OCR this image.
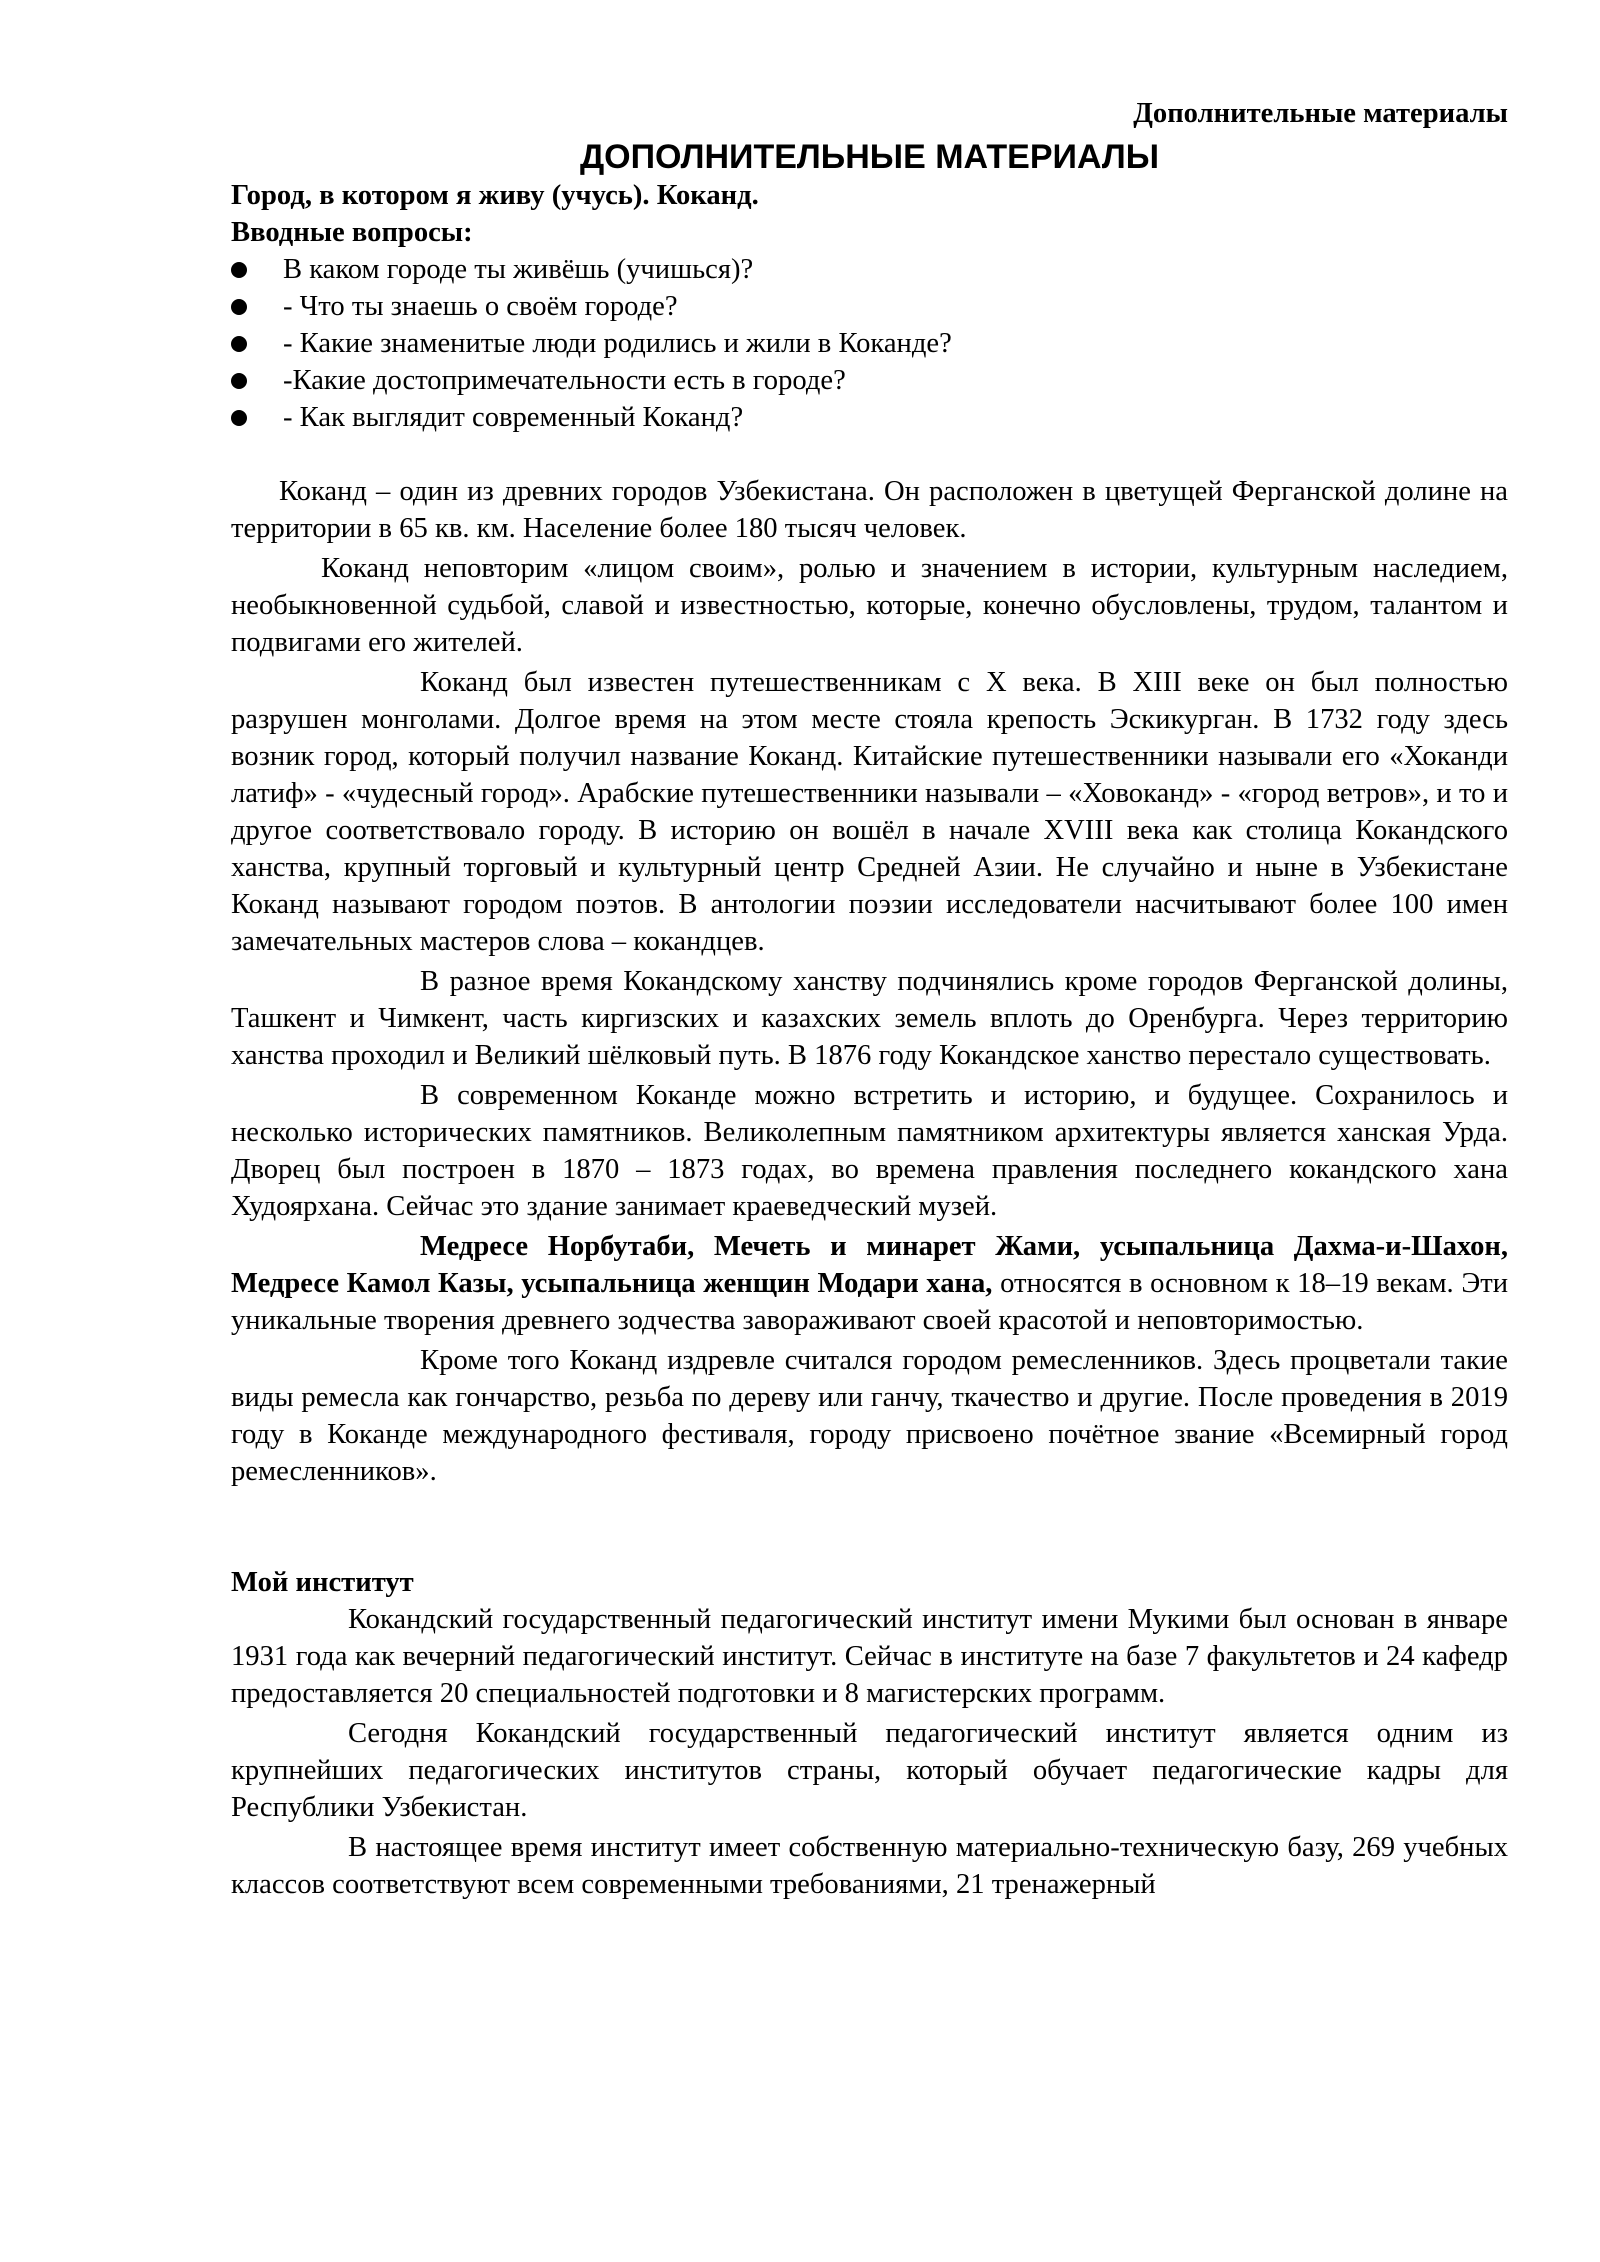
Дополнительные материалы
ДОПОЛНИТЕЛЬНЫЕ МАТЕРИАЛЫ

Город, в котором я живу (учусь). Коканд.

Вводные вопросы:

В каком городе ты живёшь (учишься)?
- Что ты знаешь о своём городе?
- Какие знаменитые люди родились и жили в Коканде?
-Какие достопримечательности есть в городе?
- Как выглядит современный Коканд?

Коканд – один из древних городов Узбекистана. Он расположен в цветущей Ферганской долине на территории в 65 кв. км. Население более 180 тысяч человек.

Коканд неповторим «лицом своим», ролью и значением в истории, культурным наследием, необыкновенной судьбой, славой и известностью, которые, конечно обусловлены, трудом, талантом и подвигами его жителей.

Коканд был известен путешественникам с X века. В XIII веке он был полностью разрушен монголами. Долгое время на этом месте стояла крепость Эскикурган. В 1732 году здесь возник город, который получил название Коканд. Китайские путешественники называли его «Хоканди латиф» - «чудесный город». Арабские путешественники называли – «Ховоканд» - «город ветров», и то и другое соответствовало городу. В историю он вошёл в начале XVIII века как столица Кокандского ханства, крупный торговый и культурный центр Средней Азии. Не случайно и ныне в Узбекистане Коканд называют городом поэтов. В антологии поэзии исследователи насчитывают более 100 имен замечательных мастеров слова – кокандцев.

В разное время Кокандскому ханству подчинялись кроме городов Ферганской долины, Ташкент и Чимкент, часть киргизских и казахских земель вплоть до Оренбурга. Через территорию ханства проходил и Великий шёлковый путь. В 1876 году Кокандское ханство перестало существовать.

В современном Коканде можно встретить и историю, и будущее. Сохранилось и несколько исторических памятников. Великолепным памятником архитектуры является ханская Урда. Дворец был построен в 1870 – 1873 годах, во времена правления последнего кокандского хана Худоярхана. Сейчас это здание занимает краеведческий музей.

Медресе Норбутаби, Мечеть и минарет Жами, усыпальница Дахма-и-Шахон, Медресе Камол Казы, усыпальница женщин Модари хана, относятся в основном к 18–19 векам. Эти уникальные творения древнего зодчества завораживают своей красотой и неповторимостью.

Кроме того Коканд издревле считался городом ремесленников. Здесь процветали такие виды ремесла как гончарство, резьба по дереву или ганчу, ткачество и другие. После проведения в 2019 году в Коканде международного фестиваля, городу присвоено почётное звание «Всемирный город ремесленников».

Мой институт

Кокандский государственный педагогический институт имени Мукими был основан в январе 1931 года как вечерний педагогический институт. Сейчас в институте на базе 7 факультетов и 24 кафедр предоставляется 20 специальностей подготовки и 8 магистерских программ.

Сегодня Кокандский государственный педагогический институт является одним из крупнейших педагогических институтов страны, который обучает педагогические кадры для Республики Узбекистан.

В настоящее время институт имеет собственную материально-техническую базу, 269 учебных классов соответствуют всем современными требованиями, 21 тренажерный
